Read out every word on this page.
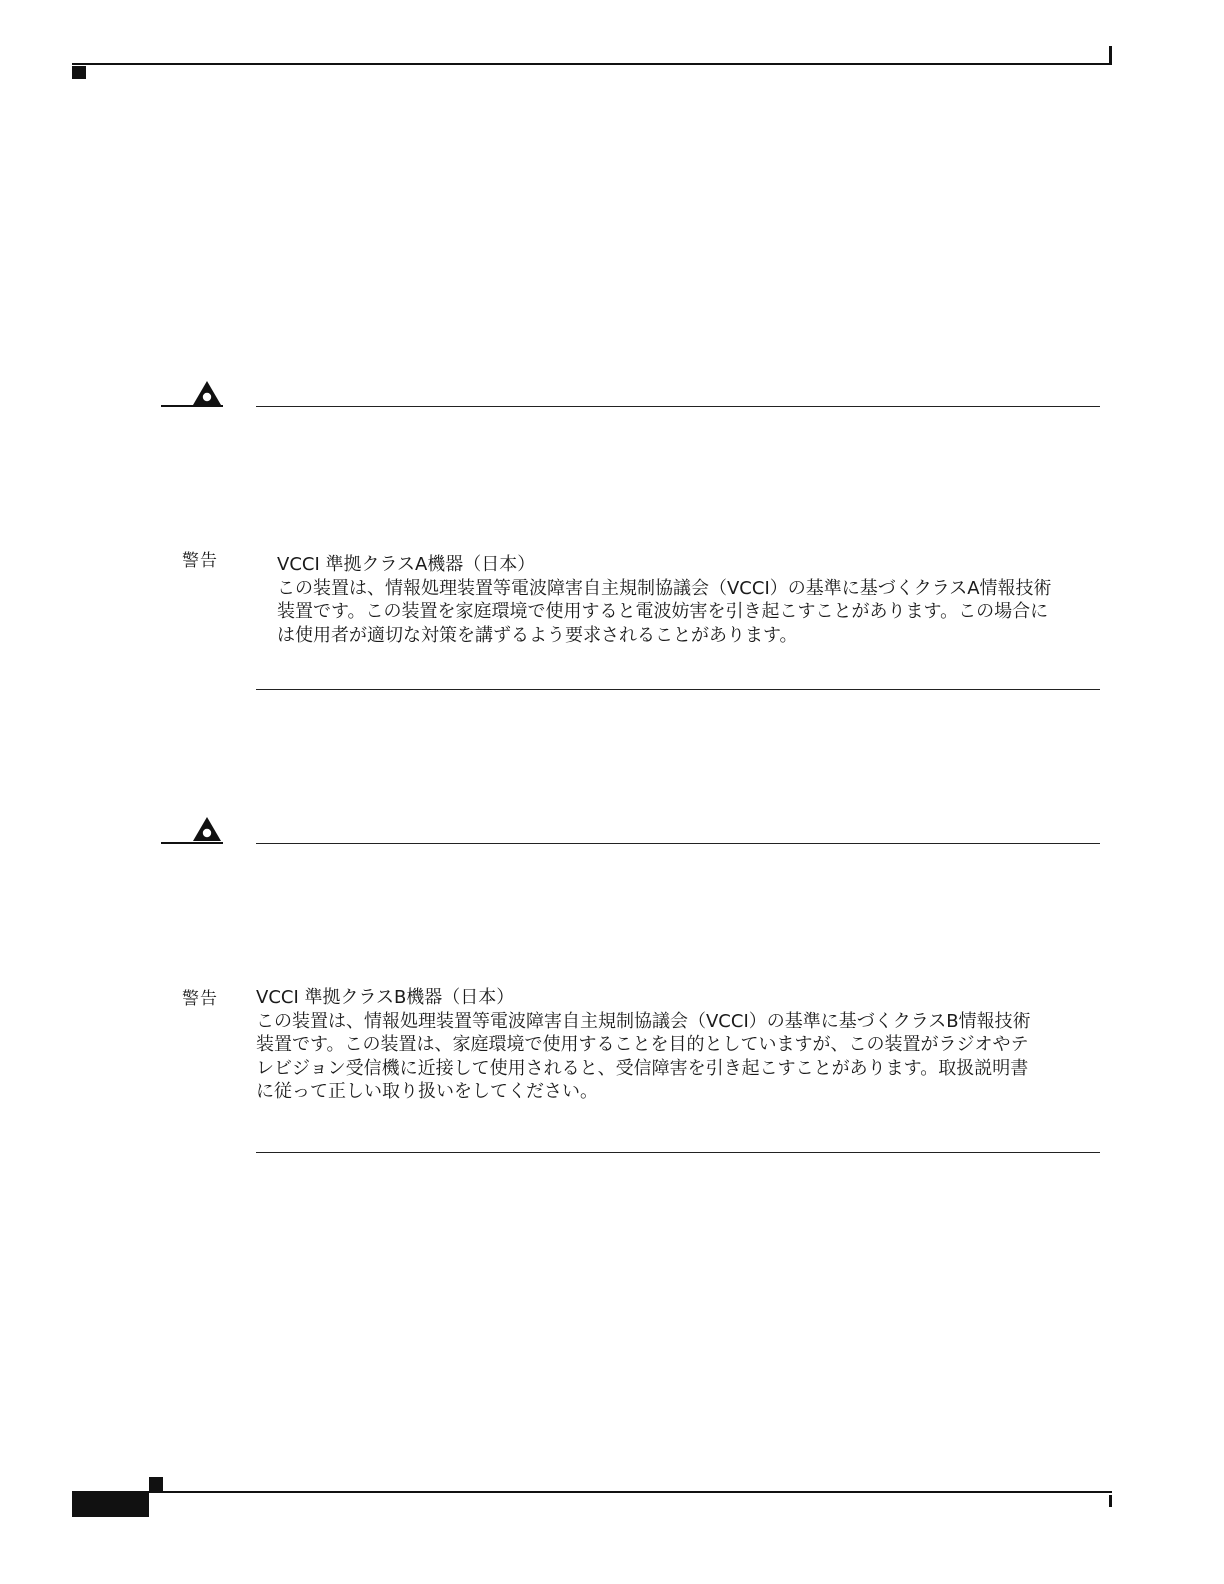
警告	VCCI 準拠クラスA機器（日本）
この装置は、情報処理装置等電波障害自主規制協議会（VCCI）の基準に基づくクラスA情報技術
装置です。この装置を家庭環境で使用すると電波妨害を引き起こすことがあります。この場合に
は使用者が適切な対策を講ずるよう要求されることがあります。
警告 VCCI 準拠クラスB機器（日本）
この装置は、情報処理装置等電波障害自主規制協議会（VCCI）の基準に基づくクラスB情報技術
装置です。この装置は、家庭環境で使用することを目的としていますが、この装置がラジオやテ
レビジョン受信機に近接して使用されると、受信障害を引き起こすことがあります。取扱説明書
に従って正しい取り扱いをしてください。
